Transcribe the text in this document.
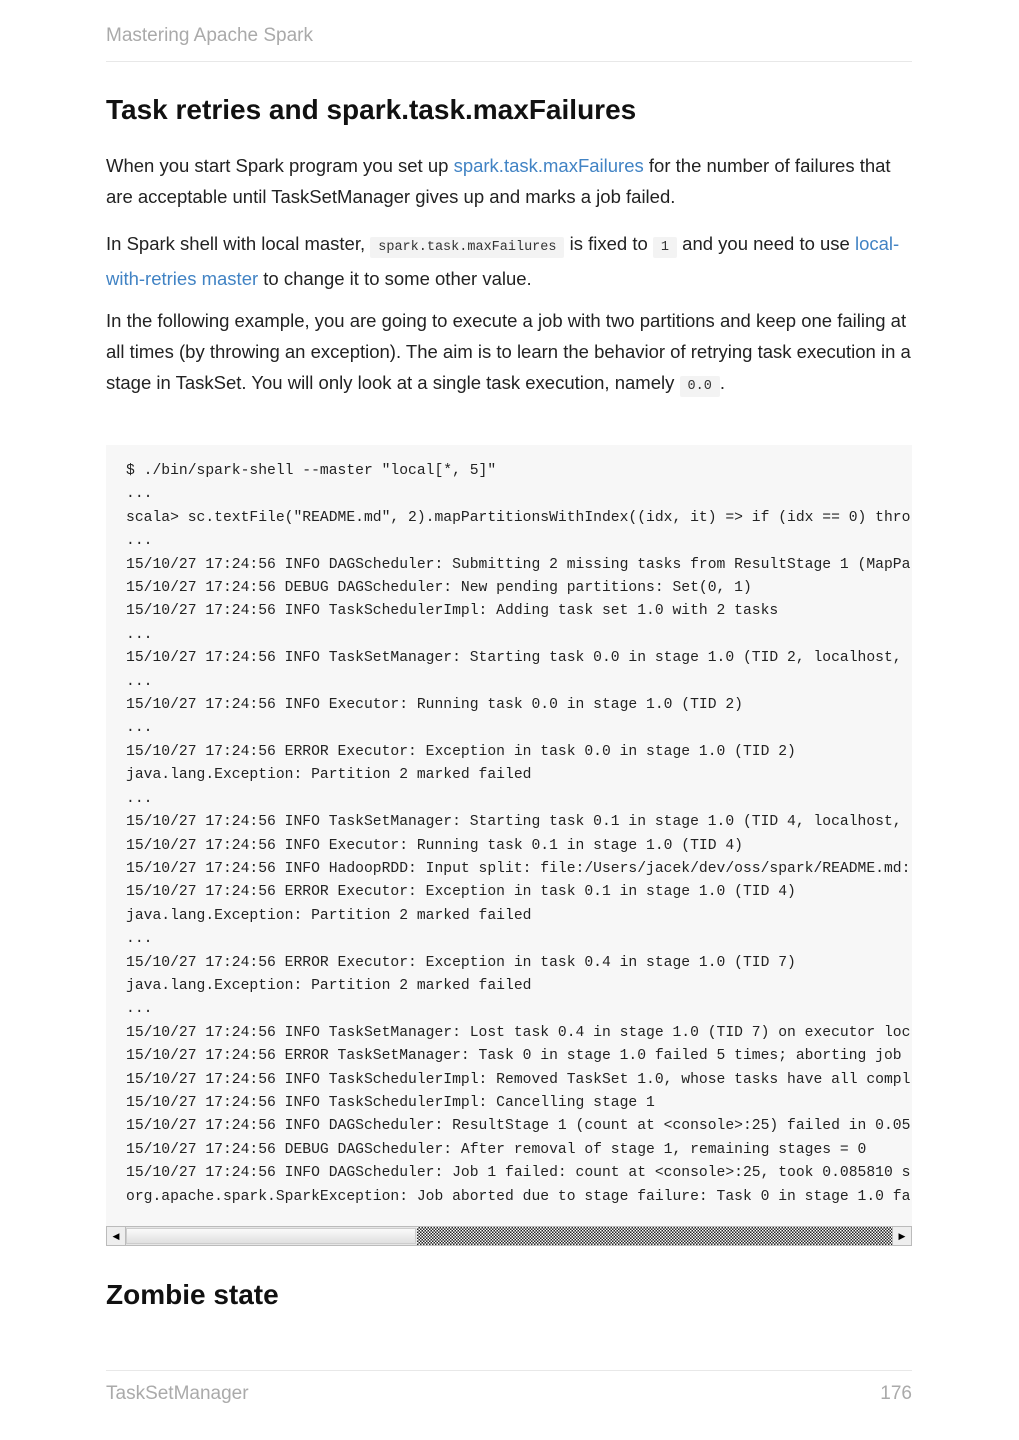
Mastering Apache Spark
Task retries and spark.task.maxFailures

When you start Spark program you set up spark.task.maxFailures for the number of failures that are acceptable until TaskSetManager gives up and marks a job failed.

In Spark shell with local master, spark.task.maxFailures is fixed to 1 and you need to use local-with-retries master to change it to some other value.

In the following example, you are going to execute a job with two partitions and keep one failing at all times (by throwing an exception). The aim is to learn the behavior of retrying task execution in a stage in TaskSet. You will only look at a single task execution, namely 0.0 .

$ ./bin/spark-shell --master "local[*, 5]"
...
scala> sc.textFile("README.md", 2).mapPartitionsWithIndex((idx, it) => if (idx == 0) thro
...
15/10/27 17:24:56 INFO DAGScheduler: Submitting 2 missing tasks from ResultStage 1 (MapPa
15/10/27 17:24:56 DEBUG DAGScheduler: New pending partitions: Set(0, 1)
15/10/27 17:24:56 INFO TaskSchedulerImpl: Adding task set 1.0 with 2 tasks
...
15/10/27 17:24:56 INFO TaskSetManager: Starting task 0.0 in stage 1.0 (TID 2, localhost,
...
15/10/27 17:24:56 INFO Executor: Running task 0.0 in stage 1.0 (TID 2)
...
15/10/27 17:24:56 ERROR Executor: Exception in task 0.0 in stage 1.0 (TID 2)
java.lang.Exception: Partition 2 marked failed
...
15/10/27 17:24:56 INFO TaskSetManager: Starting task 0.1 in stage 1.0 (TID 4, localhost,
15/10/27 17:24:56 INFO Executor: Running task 0.1 in stage 1.0 (TID 4)
15/10/27 17:24:56 INFO HadoopRDD: Input split: file:/Users/jacek/dev/oss/spark/README.md:
15/10/27 17:24:56 ERROR Executor: Exception in task 0.1 in stage 1.0 (TID 4)
java.lang.Exception: Partition 2 marked failed
...
15/10/27 17:24:56 ERROR Executor: Exception in task 0.4 in stage 1.0 (TID 7)
java.lang.Exception: Partition 2 marked failed
...
15/10/27 17:24:56 INFO TaskSetManager: Lost task 0.4 in stage 1.0 (TID 7) on executor loc
15/10/27 17:24:56 ERROR TaskSetManager: Task 0 in stage 1.0 failed 5 times; aborting job
15/10/27 17:24:56 INFO TaskSchedulerImpl: Removed TaskSet 1.0, whose tasks have all compl
15/10/27 17:24:56 INFO TaskSchedulerImpl: Cancelling stage 1
15/10/27 17:24:56 INFO DAGScheduler: ResultStage 1 (count at <console>:25) failed in 0.05
15/10/27 17:24:56 DEBUG DAGScheduler: After removal of stage 1, remaining stages = 0
15/10/27 17:24:56 INFO DAGScheduler: Job 1 failed: count at <console>:25, took 0.085810 s
org.apache.spark.SparkException: Job aborted due to stage failure: Task 0 in stage 1.0 fa
◀	▶
Zombie state
TaskSetManager	176
